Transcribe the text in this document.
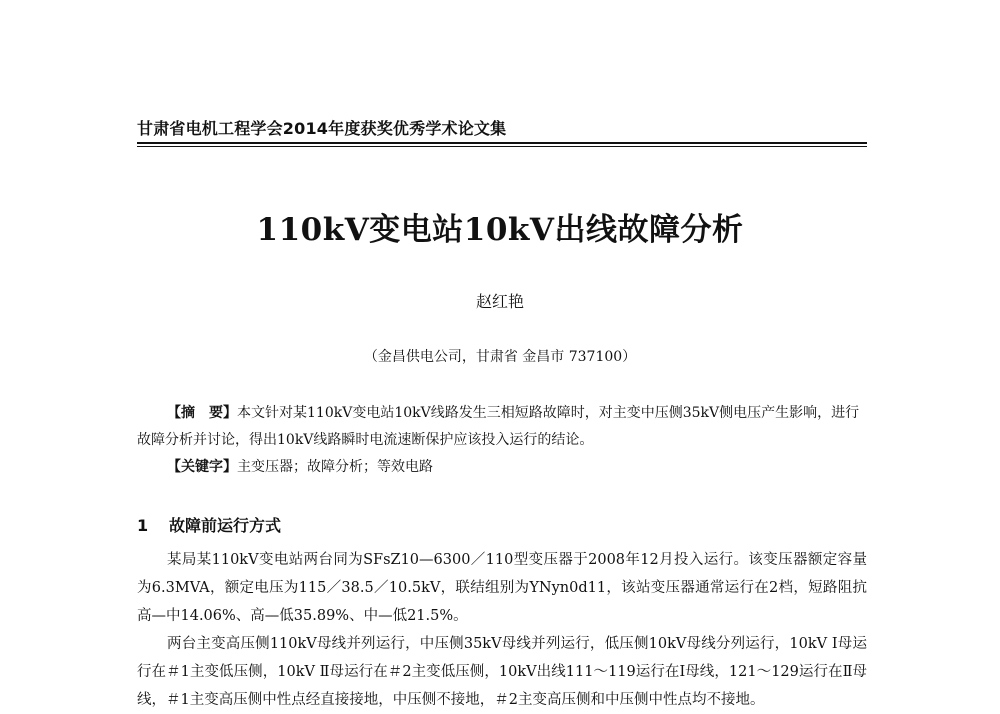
甘肃省电机工程学会2014年度获奖优秀学术论文集
110kV变电站10kV出线故障分析
赵红艳
（金昌供电公司，甘肃省 金昌市 737100）
【摘　要】本文针对某110kV变电站10kV线路发生三相短路故障时，对主变中压侧35kV侧电压产生影响，进行故障分析并讨论，得出10kV线路瞬时电流速断保护应该投入运行的结论。
【关键字】主变压器；故障分析；等效电路
1 故障前运行方式

某局某110kV变电站两台同为SFsZ10—6300／110型变压器于2008年12月投入运行。该变压器额定容量为6.3MVA，额定电压为115／38.5／10.5kV，联结组别为YNyn0d11，该站变压器通常运行在2档，短路阻抗高—中14.06%、高—低35.89%、中—低21.5%。

两台主变高压侧110kV母线并列运行，中压侧35kV母线并列运行，低压侧10kV母线分列运行，10kV Ⅰ母运行在＃1主变低压侧，10kV Ⅱ母运行在＃2主变低压侧，10kV出线111～119运行在Ⅰ母线，121～129运行在Ⅱ母线，＃1主变高压侧中性点经直接接地，中压侧不接地，＃2主变高压侧和中压侧中性点均不接地。
